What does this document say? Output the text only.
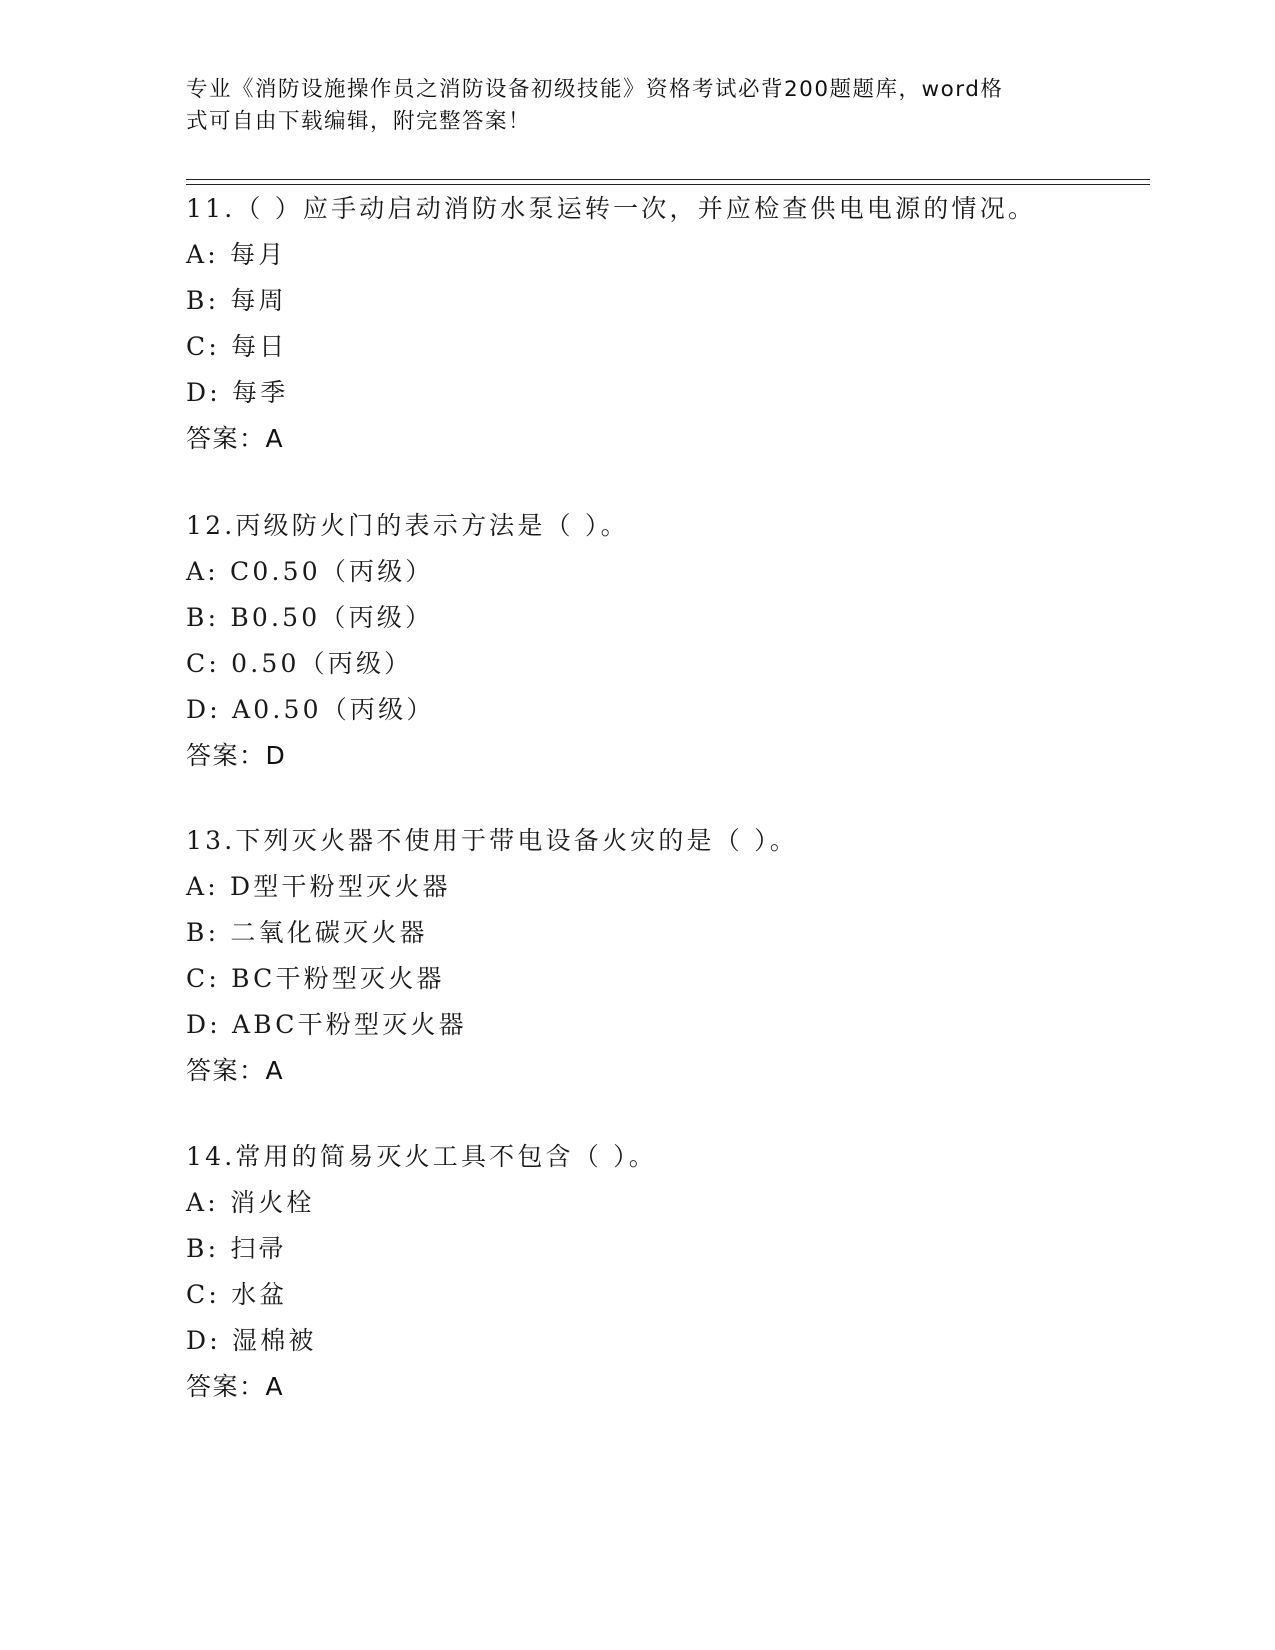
专业《消防设施操作员之消防设备初级技能》资格考试必背200题题库，word格
式可自由下载编辑，附完整答案！
11.（ ）应手动启动消防水泵运转一次，并应检查供电电源的情况。
A: 每月
B: 每周
C: 每日
D: 每季
答案：A
12.丙级防火门的表示方法是（ ）。
A: C0.50（丙级）
B: B0.50（丙级）
C: 0.50（丙级）
D: A0.50（丙级）
答案：D
13.下列灭火器不使用于带电设备火灾的是（ ）。
A: D型干粉型灭火器
B: 二氧化碳灭火器
C: BC干粉型灭火器
D: ABC干粉型灭火器
答案：A
14.常用的简易灭火工具不包含（ ）。
A: 消火栓
B: 扫帚
C: 水盆
D: 湿棉被
答案：A
